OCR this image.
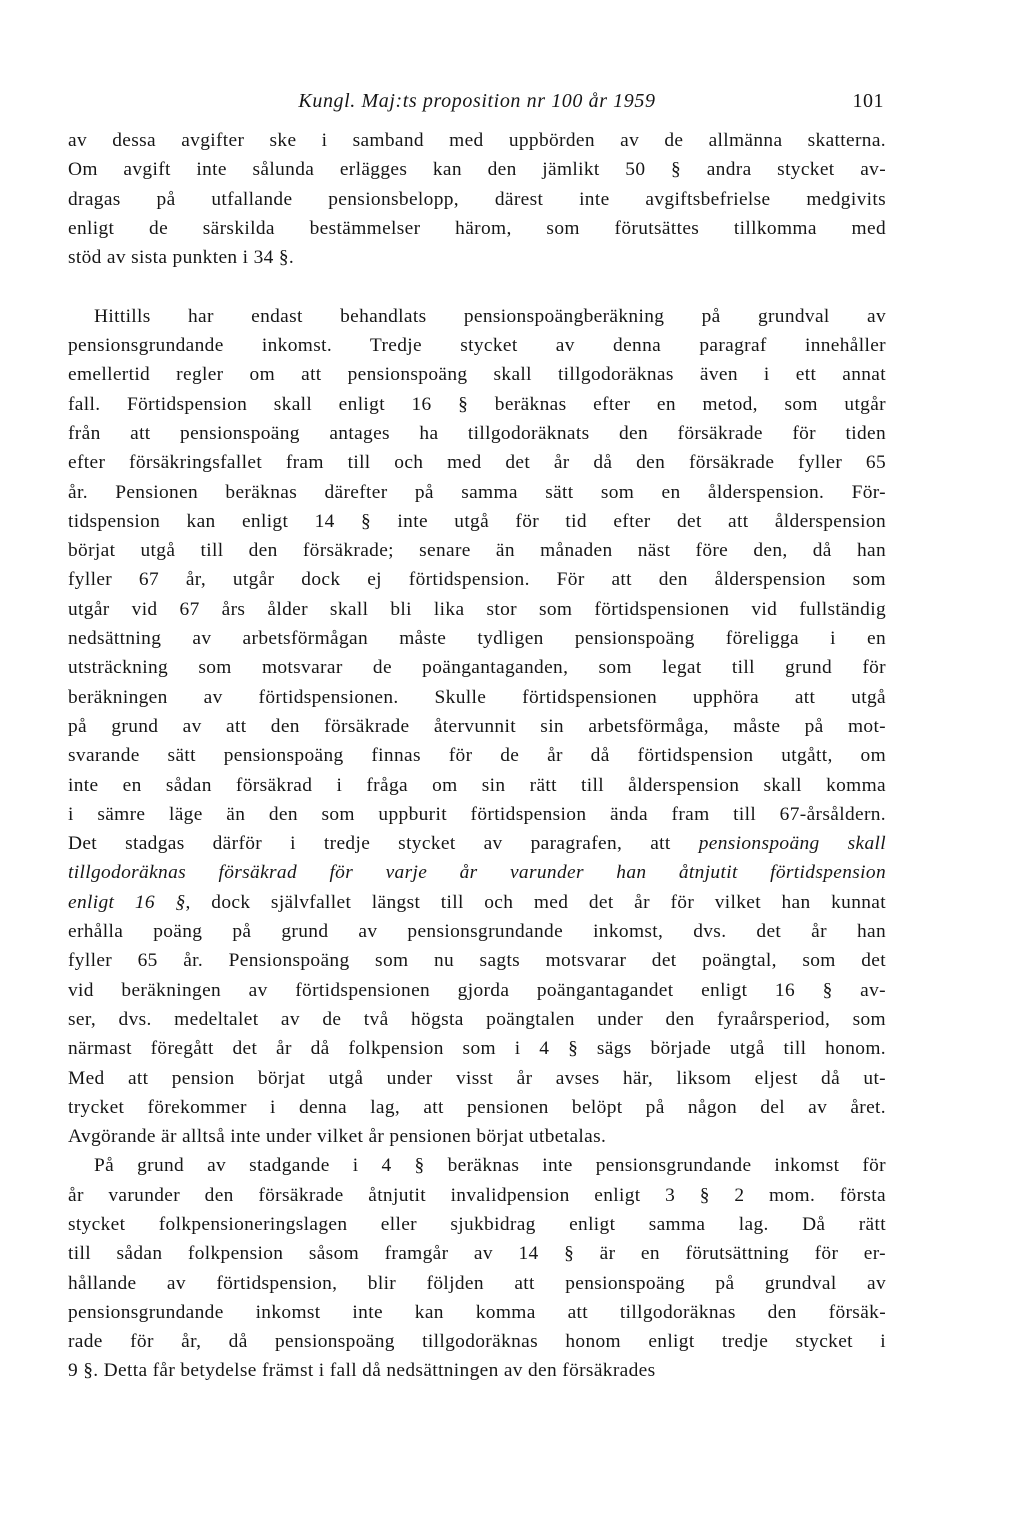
Kungl. Maj:ts proposition nr 100 år 1959	101
av dessa avgifter ske i samband med uppbörden av de allmänna skatterna.
Om avgift inte sålunda erlägges kan den jämlikt 50 § andra stycket av-
dragas på utfallande pensionsbelopp, därest inte avgiftsbefrielse medgivits
enligt de särskilda bestämmelser härom, som förutsättes tillkomma med
stöd av sista punkten i 34 §.
Hittills har endast behandlats pensionspoängberäkning på grundval av
pensionsgrundande inkomst. Tredje stycket av denna paragraf innehåller
emellertid regler om att pensionspoäng skall tillgodoräknas även i ett annat
fall. Förtidspension skall enligt 16 § beräknas efter en metod, som utgår
från att pensionspoäng antages ha tillgodoräknats den försäkrade för tiden
efter försäkringsfallet fram till och med det år då den försäkrade fyller 65
år. Pensionen beräknas därefter på samma sätt som en ålderspension. För-
tidspension kan enligt 14 § inte utgå för tid efter det att ålderspension
börjat utgå till den försäkrade; senare än månaden näst före den, då han
fyller 67 år, utgår dock ej förtidspension. För att den ålderspension som
utgår vid 67 års ålder skall bli lika stor som förtidspensionen vid fullständig
nedsättning av arbetsförmågan måste tydligen pensionspoäng föreligga i en
utsträckning som motsvarar de poängantaganden, som legat till grund för
beräkningen av förtidspensionen. Skulle förtidspensionen upphöra att utgå
på grund av att den försäkrade återvunnit sin arbetsförmåga, måste på mot-
svarande sätt pensionspoäng finnas för de år då förtidspension utgått, om
inte en sådan försäkrad i fråga om sin rätt till ålderspension skall komma
i sämre läge än den som uppburit förtidspension ända fram till 67-årsåldern.
Det stadgas därför i tredje stycket av paragrafen, att pensionspoäng skall
tillgodoräknas försäkrad för varje år varunder han åtnjutit förtidspension
enligt 16 §, dock självfallet längst till och med det år för vilket han kunnat
erhålla poäng på grund av pensionsgrundande inkomst, dvs. det år han
fyller 65 år. Pensionspoäng som nu sagts motsvarar det poängtal, som det
vid beräkningen av förtidspensionen gjorda poängantagandet enligt 16 § av-
ser, dvs. medeltalet av de två högsta poängtalen under den fyraårsperiod, som
närmast föregått det år då folkpension som i 4 § sägs började utgå till honom.
Med att pension börjat utgå under visst år avses här, liksom eljest då ut-
trycket förekommer i denna lag, att pensionen belöpt på någon del av året.
Avgörande är alltså inte under vilket år pensionen börjat utbetalas.
På grund av stadgande i 4 § beräknas inte pensionsgrundande inkomst för
år varunder den försäkrade åtnjutit invalidpension enligt 3 § 2 mom. första
stycket folkpensioneringslagen eller sjukbidrag enligt samma lag. Då rätt
till sådan folkpension såsom framgår av 14 § är en förutsättning för er-
hållande av förtidspension, blir följden att pensionspoäng på grundval av
pensionsgrundande inkomst inte kan komma att tillgodoräknas den försäk-
rade för år, då pensionspoäng tillgodoräknas honom enligt tredje stycket i
9 §. Detta får betydelse främst i fall då nedsättningen av den försäkrades
